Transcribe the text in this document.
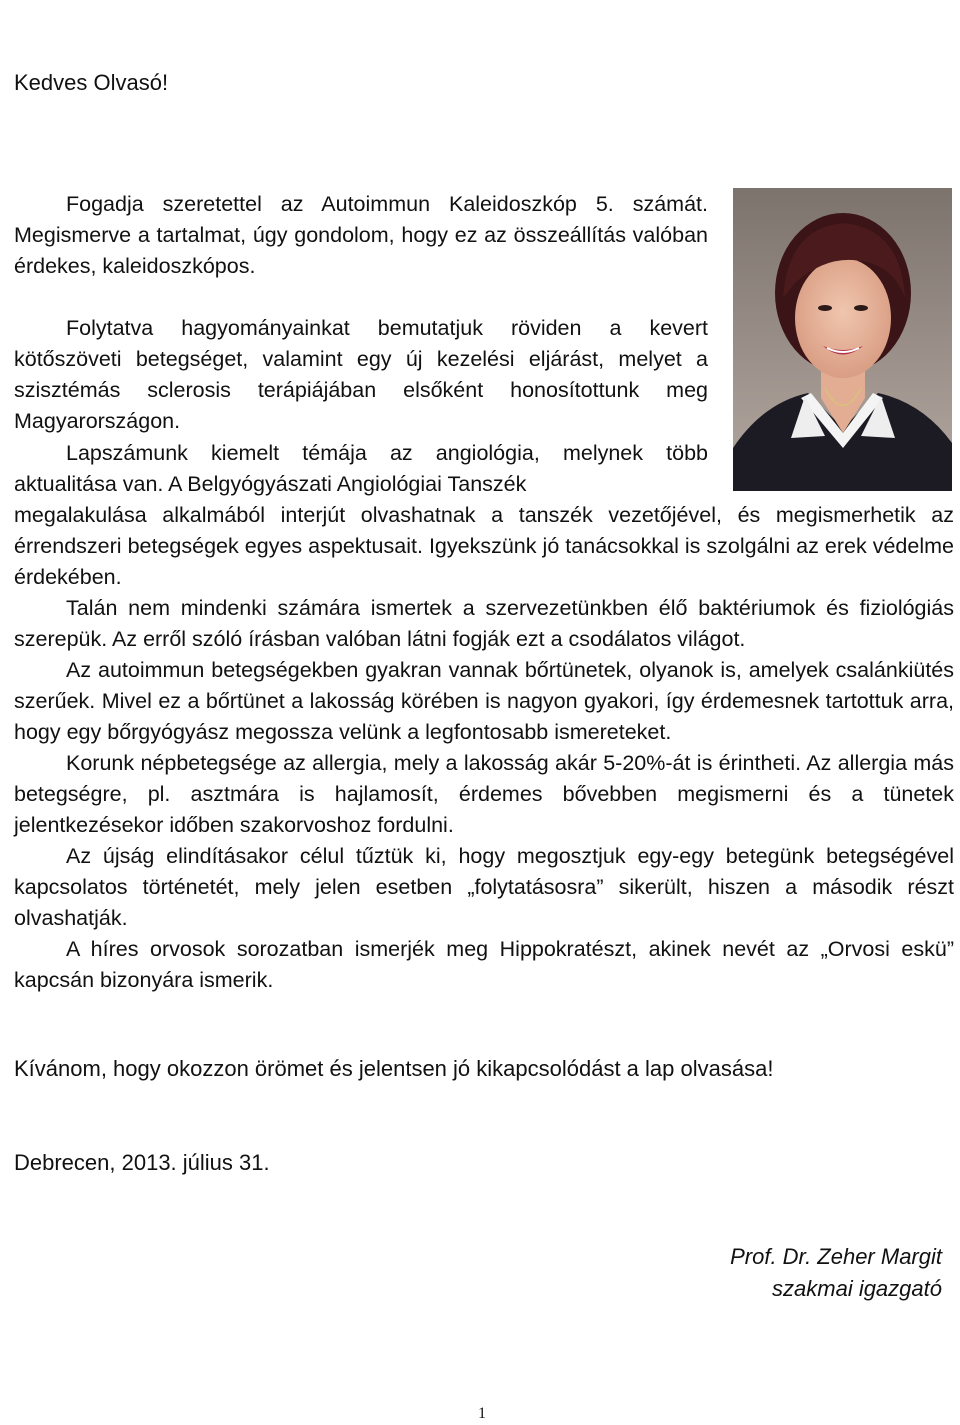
Kedves Olvasó!

Fogadja szeretettel az Autoimmun Kaleidoszkóp 5. számát. Megismerve a tartalmat, úgy gondolom, hogy ez az összeállítás valóban érdekes, kaleidoszkópos.

Folytatva hagyományainkat bemutatjuk röviden a kevert kötőszöveti betegséget, valamint egy új kezelési eljárást, melyet a szisztémás sclerosis terápiájában elsőként honosítottunk meg Magyarországon.

Lapszámunk kiemelt témája az angiológia, melynek több aktualitása van. A Belgyógyászati Angiológiai Tanszék

megalakulása alkalmából interjút olvashatnak a tanszék vezetőjével, és megismerhetik az érrendszeri betegségek egyes aspektusait. Igyekszünk jó tanácsokkal is szolgálni az erek védelme érdekében.

Talán nem mindenki számára ismertek a szervezetünkben élő baktériumok és fiziológiás szerepük. Az erről szóló írásban valóban látni fogják ezt a csodálatos világot.

Az autoimmun betegségekben gyakran vannak bőrtünetek, olyanok is, amelyek csalánkiütés szerűek. Mivel ez a bőrtünet a lakosság körében is nagyon gyakori, így érdemesnek tartottuk arra, hogy egy bőrgyógyász megossza velünk a legfontosabb ismereteket.

Korunk népbetegsége az allergia, mely a lakosság akár 5-20%-át is érintheti. Az allergia más betegségre, pl. asztmára is hajlamosít, érdemes bővebben megismerni és a tünetek jelentkezésekor időben szakorvoshoz fordulni.

Az újság elindításakor célul tűztük ki, hogy megosztjuk egy-egy betegünk betegségével kapcsolatos történetét, mely jelen esetben „folytatásosra” sikerült, hiszen a második részt olvashatják.

A híres orvosok sorozatban ismerjék meg Hippokratészt, akinek nevét az „Orvosi eskü” kapcsán bizonyára ismerik.

Kívánom, hogy okozzon örömet és jelentsen jó kikapcsolódást a lap olvasása!
Debrecen, 2013. július 31.
Prof. Dr. Zeher Margit
szakmai igazgató
1
